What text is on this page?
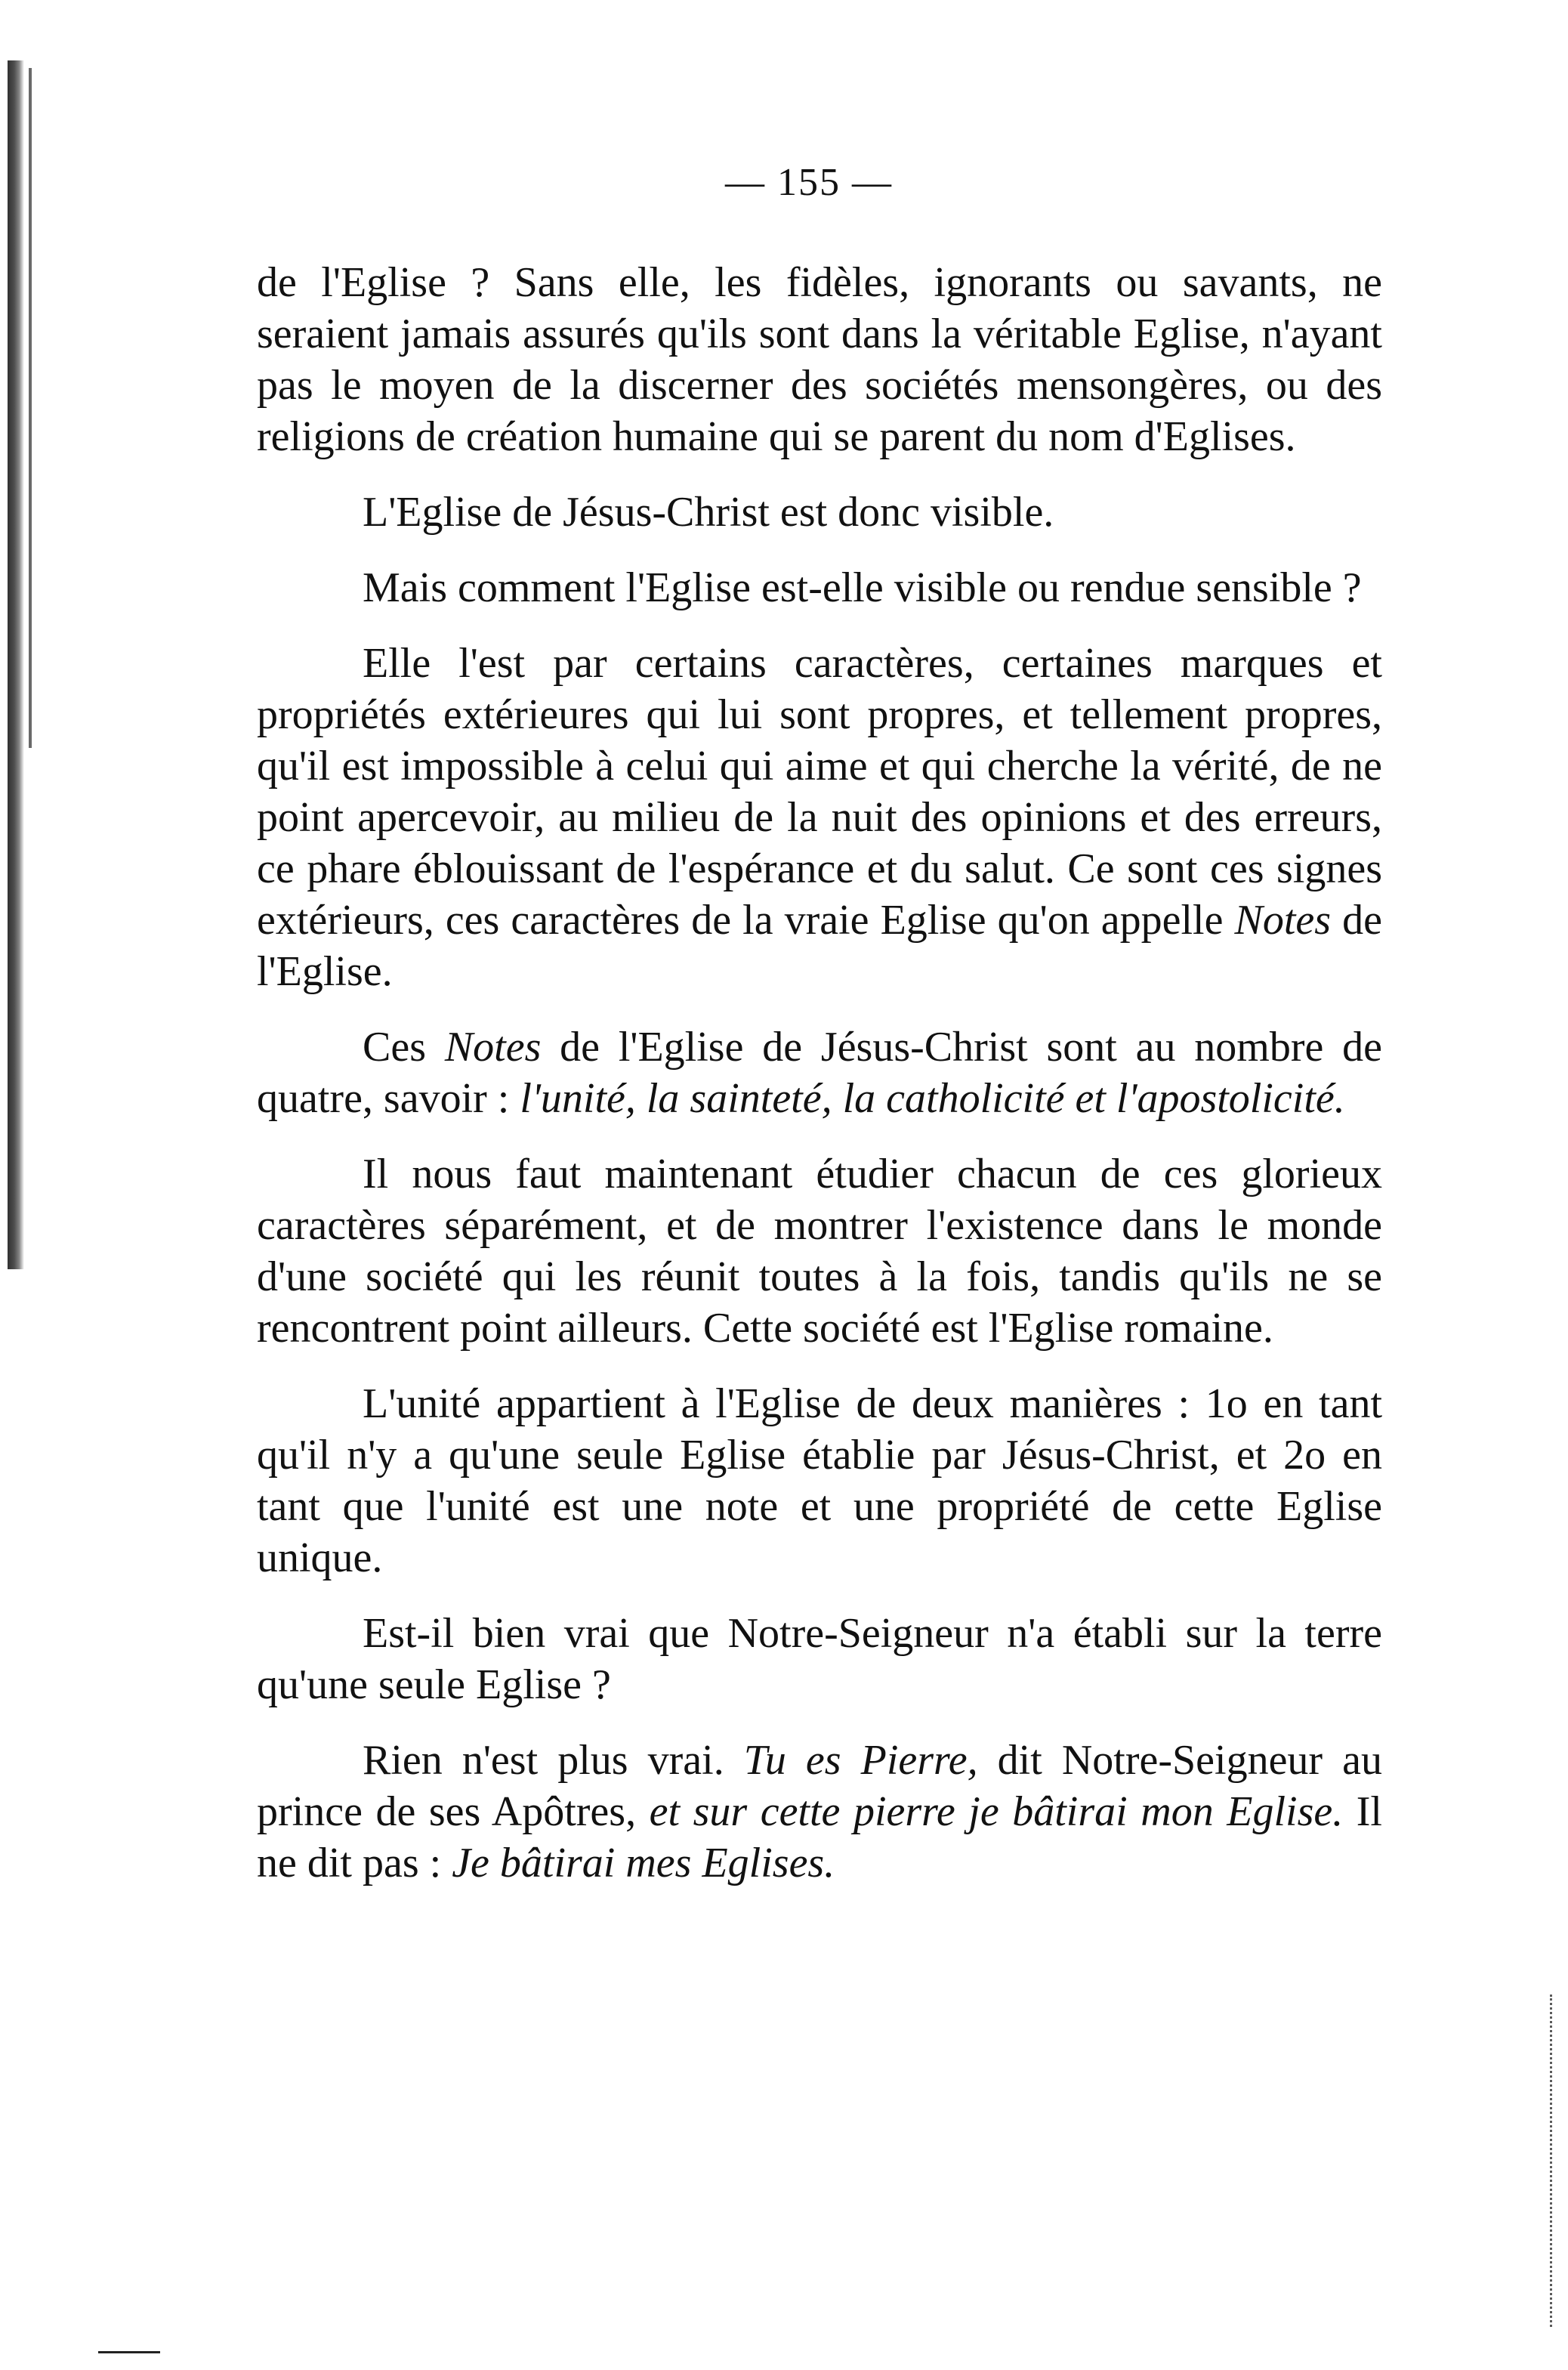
— 155 —

de l'Eglise ? Sans elle, les fidèles, ignorants ou savants, ne seraient jamais assurés qu'ils sont dans la véritable Eglise, n'ayant pas le moyen de la discerner des sociétés mensongères, ou des religions de création humaine qui se parent du nom d'Eglises.

L'Eglise de Jésus-Christ est donc visible.

Mais comment l'Eglise est-elle visible ou rendue sensible ?

Elle l'est par certains caractères, certaines marques et propriétés extérieures qui lui sont propres, et tellement propres, qu'il est impossible à celui qui aime et qui cherche la vérité, de ne point apercevoir, au milieu de la nuit des opinions et des erreurs, ce phare éblouissant de l'espérance et du salut. Ce sont ces signes extérieurs, ces caractères de la vraie Eglise qu'on appelle Notes de l'Eglise.

Ces Notes de l'Eglise de Jésus-Christ sont au nombre de quatre, savoir : l'unité, la sainteté, la catholicité et l'apostolicité.

Il nous faut maintenant étudier chacun de ces glorieux caractères séparément, et de montrer l'existence dans le monde d'une société qui les réunit toutes à la fois, tandis qu'ils ne se rencontrent point ailleurs. Cette société est l'Eglise romaine.

L'unité appartient à l'Eglise de deux manières : 1o en tant qu'il n'y a qu'une seule Eglise établie par Jésus-Christ, et 2o en tant que l'unité est une note et une propriété de cette Eglise unique.

Est-il bien vrai que Notre-Seigneur n'a établi sur la terre qu'une seule Eglise ?

Rien n'est plus vrai. Tu es Pierre, dit Notre-Seigneur au prince de ses Apôtres, et sur cette pierre je bâtirai mon Eglise. Il ne dit pas : Je bâtirai mes Eglises.
